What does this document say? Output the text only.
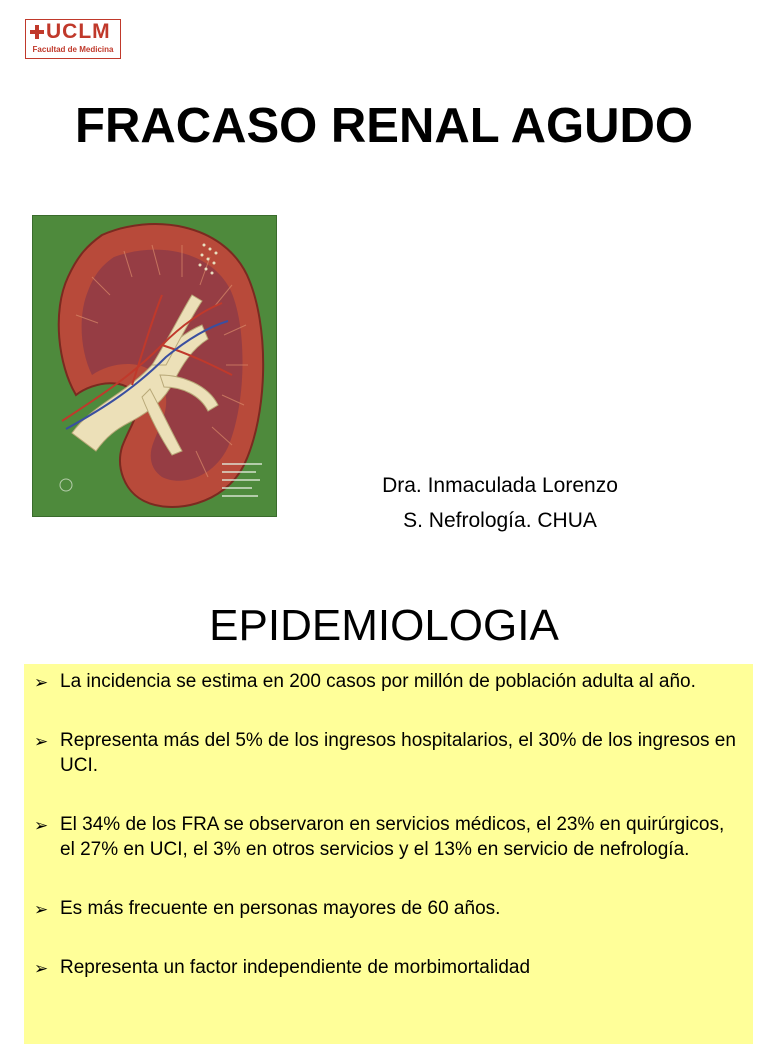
UCLM
Facultad de Medicina
FRACASO RENAL AGUDO
Dra. Inmaculada Lorenzo
S. Nefrología. CHUA
EPIDEMIOLOGIA
➢ La incidencia se estima en 200 casos por millón de población adulta al año.
➢ Representa más del 5% de los ingresos hospitalarios, el 30% de los ingresos en UCI.
➢ El 34% de los FRA se observaron en servicios médicos, el 23% en quirúrgicos, el 27% en UCI, el 3% en otros servicios y el 13% en servicio de nefrología.
➢ Es más frecuente en personas mayores de 60 años.
➢ Representa un factor independiente de morbimortalidad
